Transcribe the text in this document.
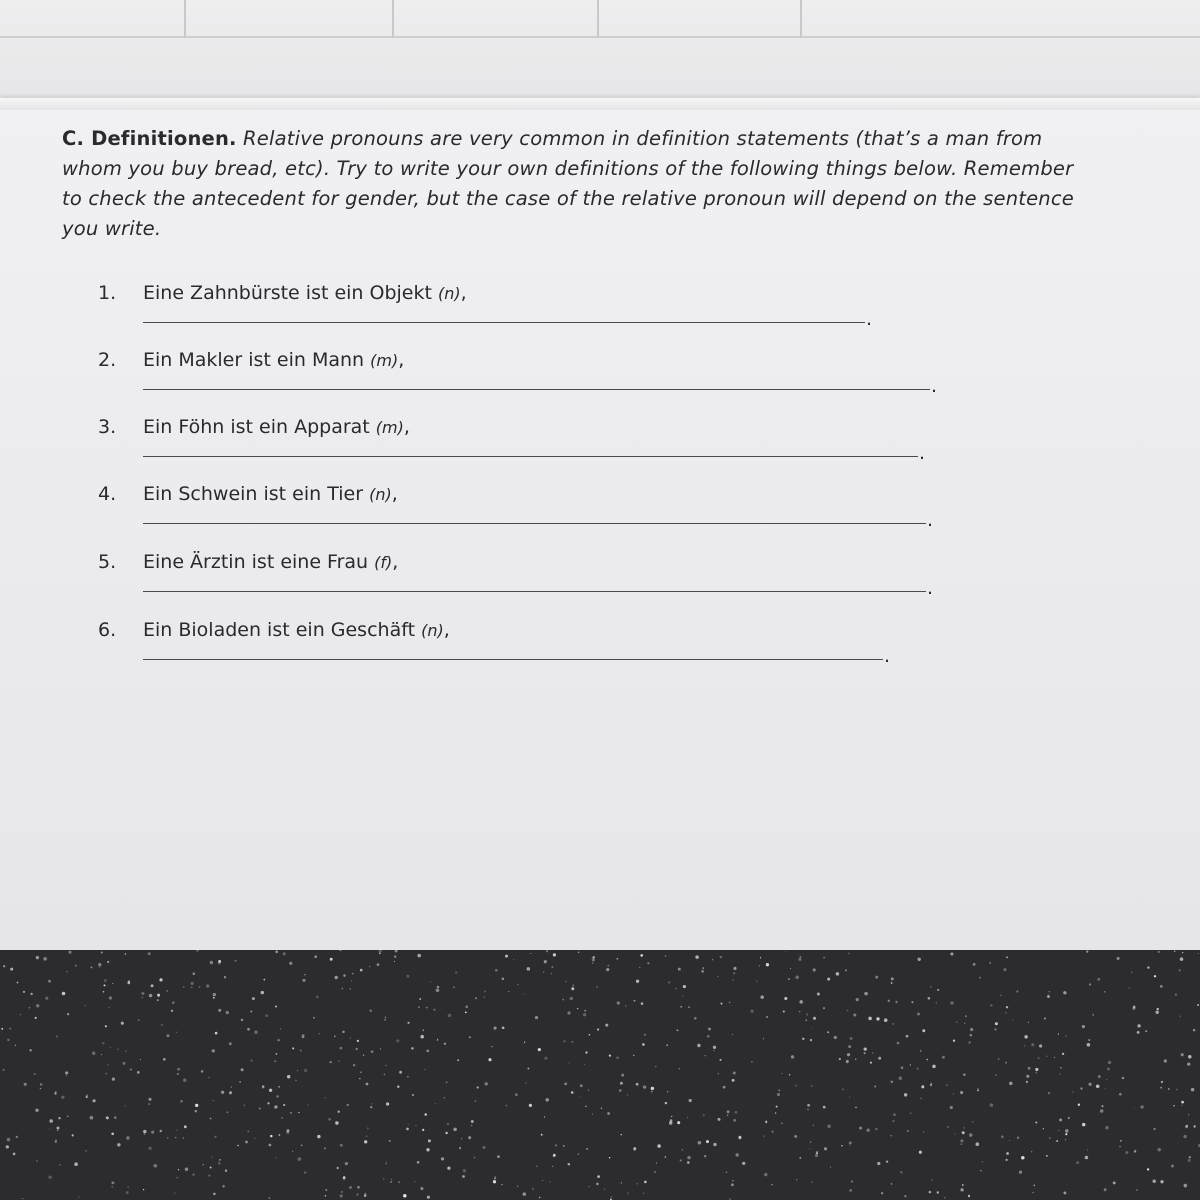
C. Definitionen. Relative pronouns are very common in definition statements (that’s a man from whom you buy bread, etc). Try to write your own definitions of the following things below. Remember to check the antecedent for gender, but the case of the relative pronoun will depend on the sentence you write.
1. Eine Zahnbürste ist ein Objekt (n),
.
2. Ein Makler ist ein Mann (m),
.
3. Ein Föhn ist ein Apparat (m),
.
4. Ein Schwein ist ein Tier (n),
.
5. Eine Ärztin ist eine Frau (f),
.
6. Ein Bioladen ist ein Geschäft (n),
.
